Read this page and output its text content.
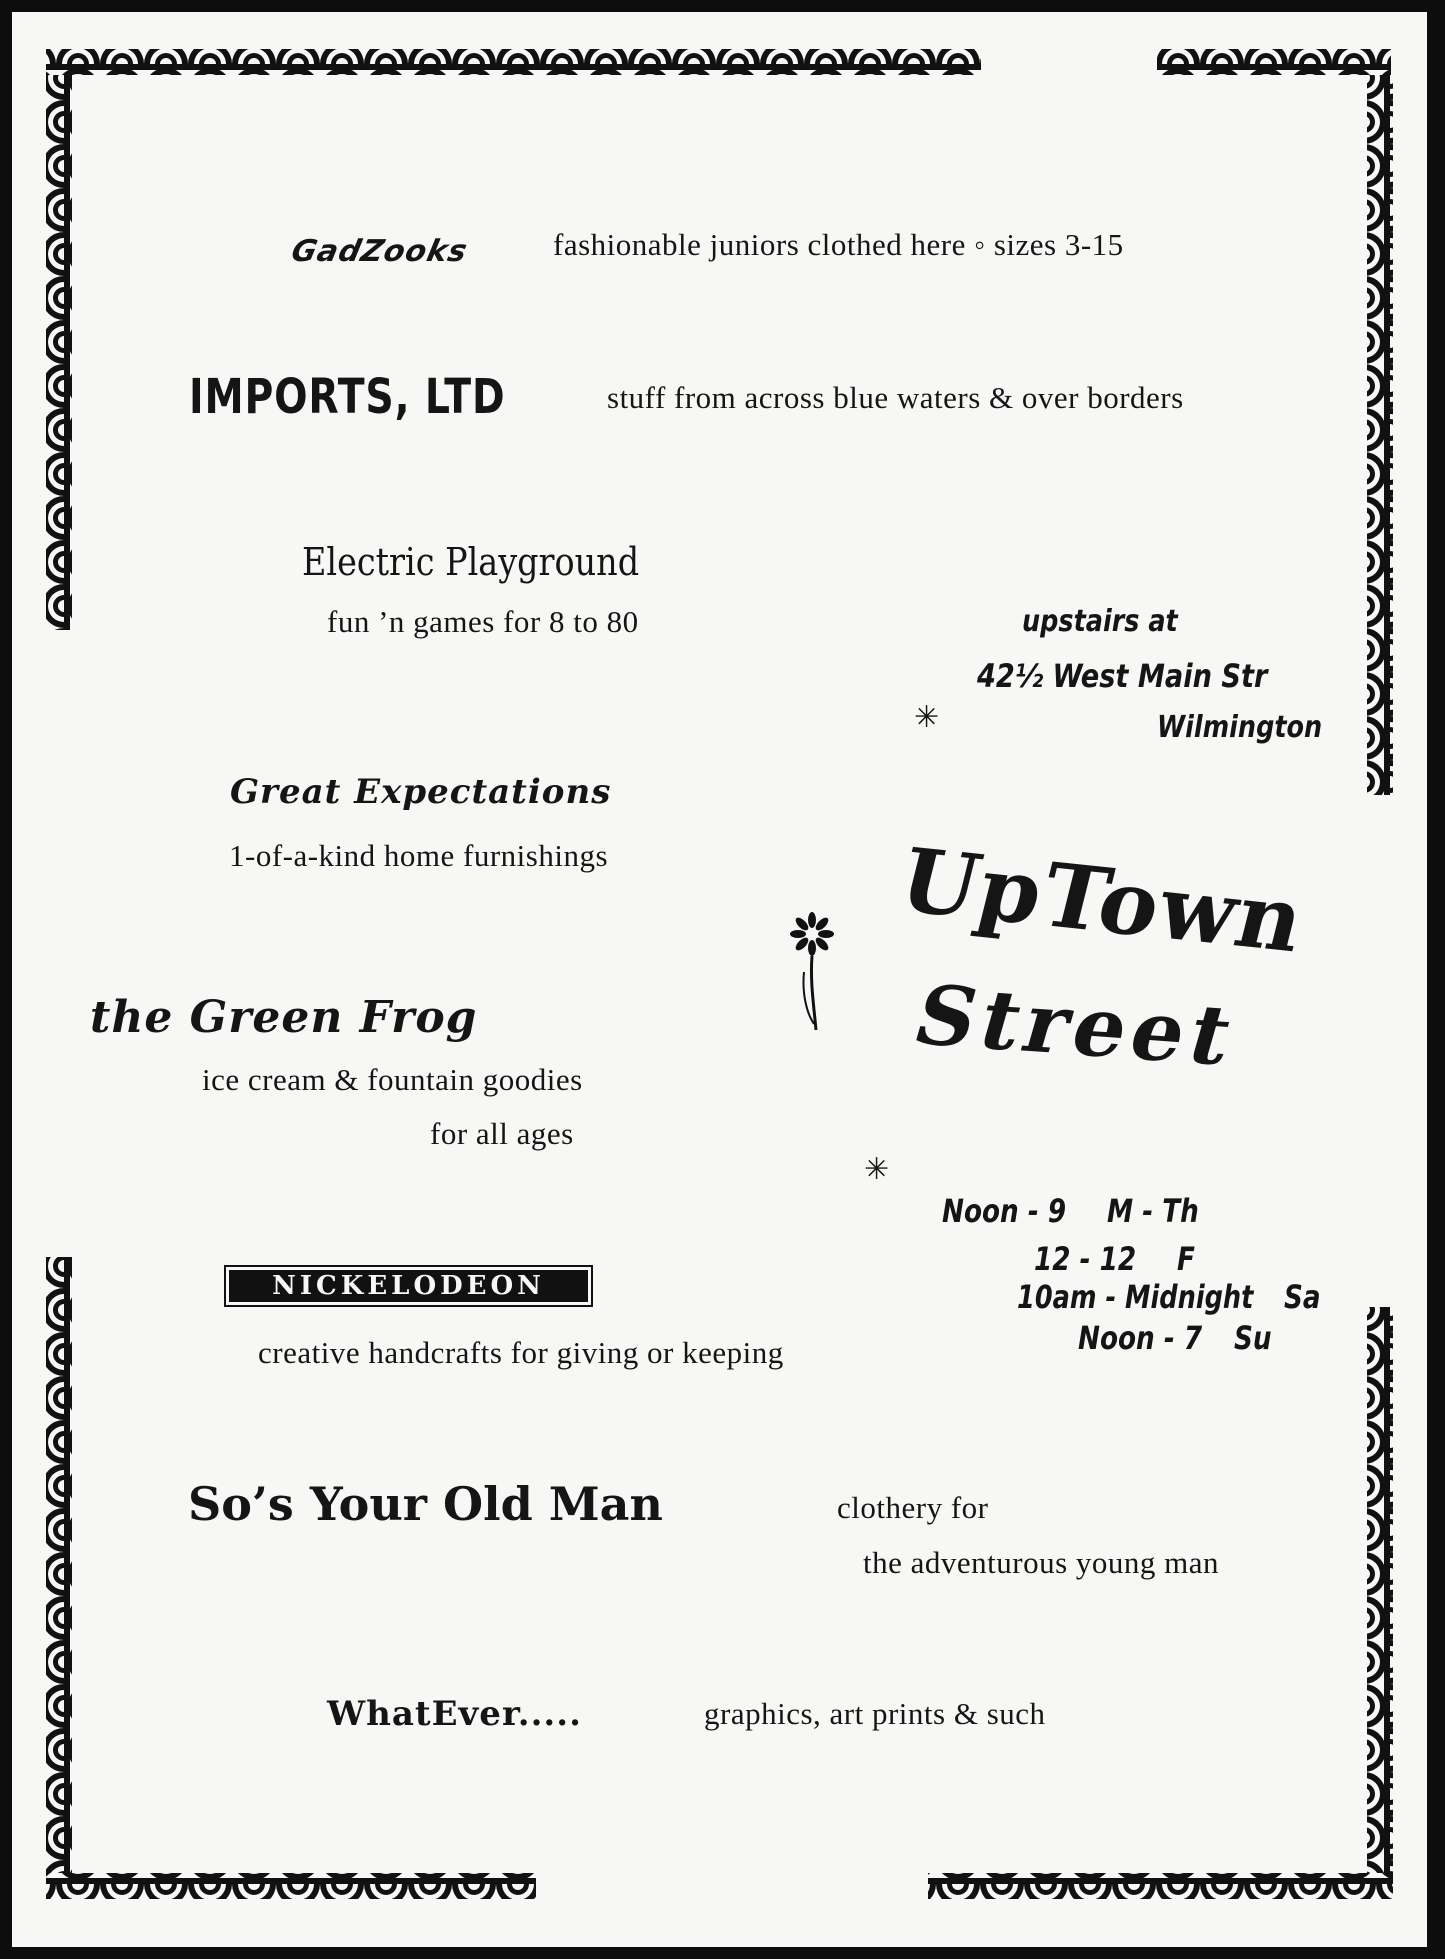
GadZooks	fashionable juniors clothed here ◦ sizes 3-15
IMPORTS, LTD	stuff from across blue waters & over borders
Electric Playground
fun ’n games for 8 to 80	upstairs at
42½ West Main Str
Wilmington
✳
✳
Great Expectations
1-of-a-kind home furnishings	UpTown
Street
the Green Frog
ice cream & fountain goodies
for all ages
Noon - 9 M - Th
12 - 12 F
10am - Midnight Sa
Noon - 7 Su
NICKELODEON
creative handcrafts for giving or keeping
So’s Your Old Man	clothery for
the adventurous young man
WhatEver.....	graphics, art prints & such
